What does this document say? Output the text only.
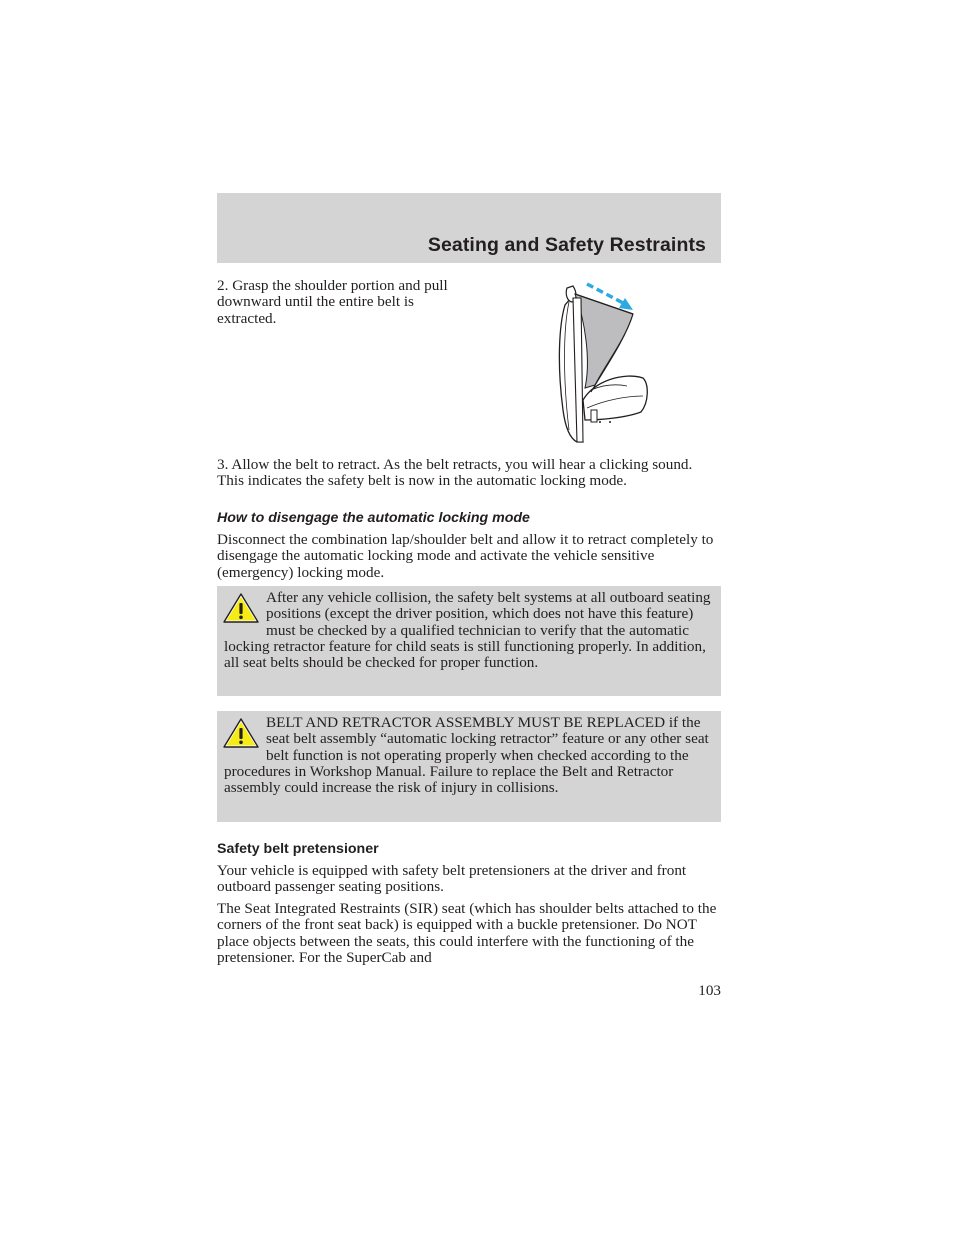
Seating and Safety Restraints
2. Grasp the shoulder portion and pull downward until the entire belt is extracted.
3. Allow the belt to retract. As the belt retracts, you will hear a clicking sound. This indicates the safety belt is now in the automatic locking mode.
How to disengage the automatic locking mode
Disconnect the combination lap/shoulder belt and allow it to retract completely to disengage the automatic locking mode and activate the vehicle sensitive (emergency) locking mode.
After any vehicle collision, the safety belt systems at all outboard seating positions (except the driver position, which does not have this feature) must be checked by a qualified technician to verify that the automatic locking retractor feature for child seats is still functioning properly. In addition, all seat belts should be checked for proper function.
BELT AND RETRACTOR ASSEMBLY MUST BE REPLACED if the seat belt assembly “automatic locking retractor” feature or any other seat belt function is not operating properly when checked according to the procedures in Workshop Manual. Failure to replace the Belt and Retractor assembly could increase the risk of injury in collisions.
Safety belt pretensioner
Your vehicle is equipped with safety belt pretensioners at the driver and front outboard passenger seating positions.
The Seat Integrated Restraints (SIR) seat (which has shoulder belts attached to the corners of the front seat back) is equipped with a buckle pretensioner. Do NOT place objects between the seats, this could interfere with the functioning of the pretensioner. For the SuperCab and
103
